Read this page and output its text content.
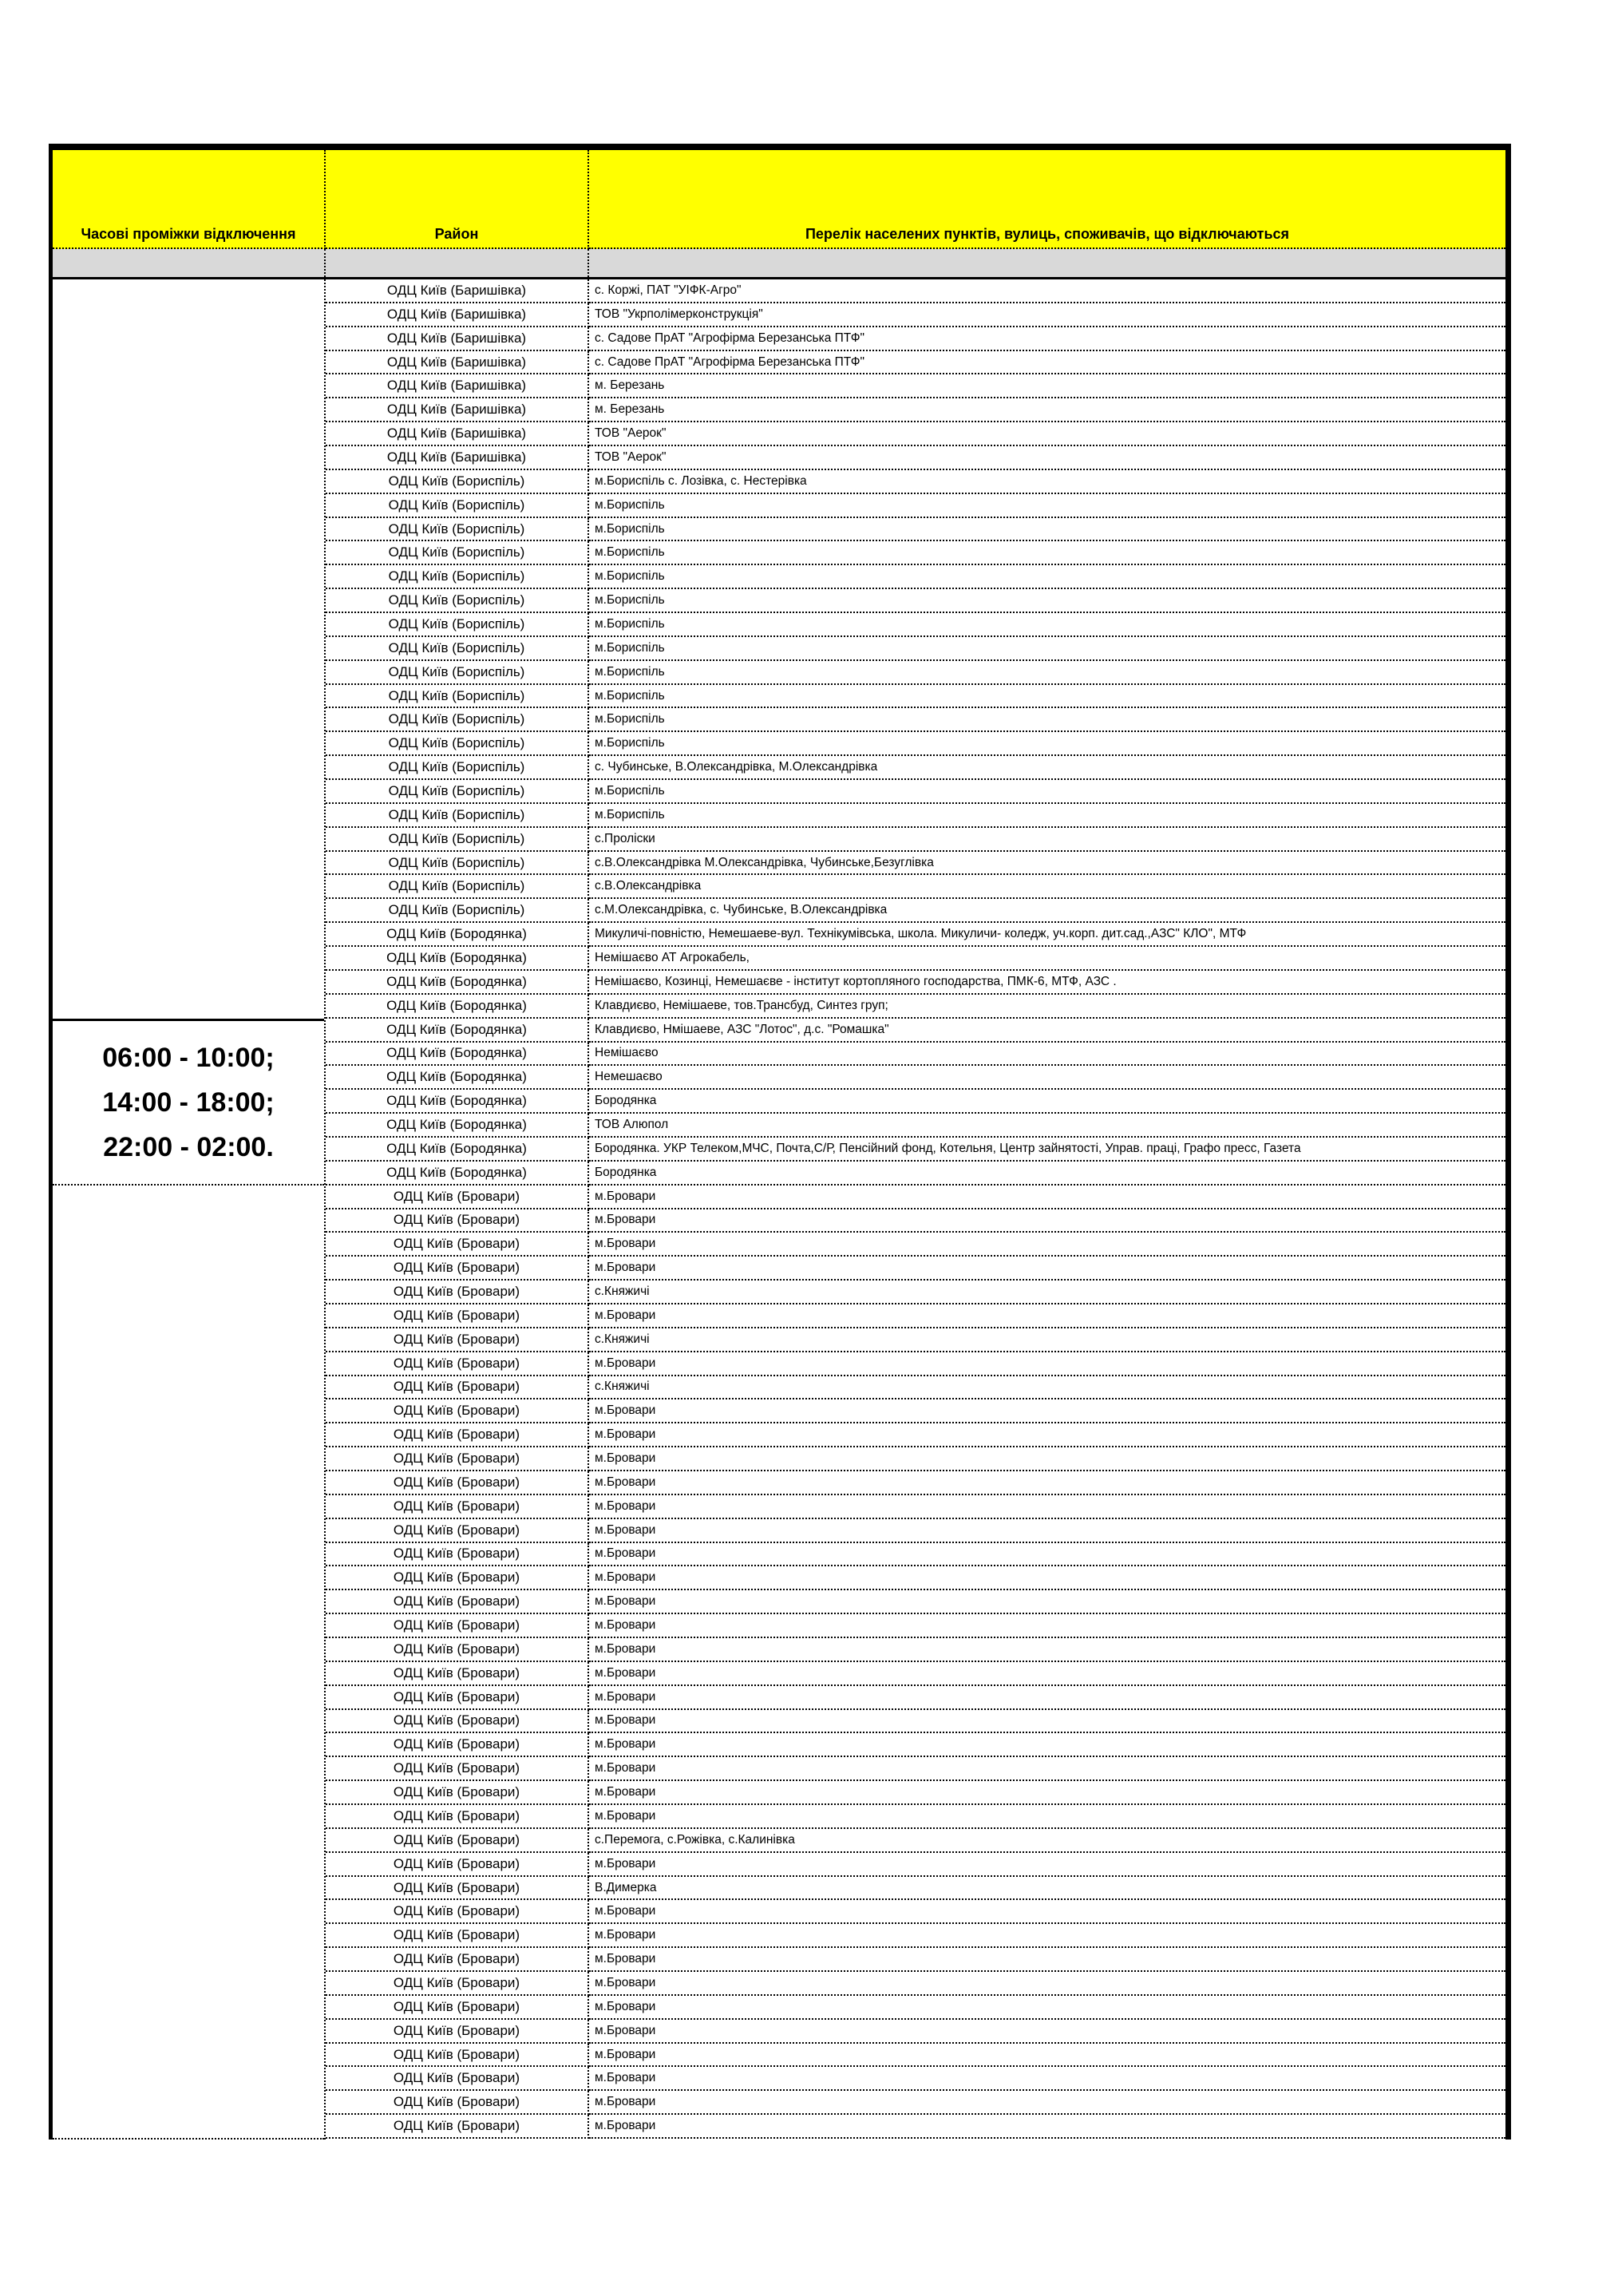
Часові проміжки відключення	Район	Перелік населених пунктів, вулиць, споживачів, що відключаються
06:00 - 10:00;
14:00 - 18:00;
22:00 - 02:00.
ОДЦ Київ (Баришівка)	с. Коржі, ПАТ "УІФК-Агро"
ОДЦ Київ (Баришівка)	ТОВ "Укрполімерконструкція"
ОДЦ Київ (Баришівка)	с. Садове ПрАТ "Агрофірма Березанська ПТФ"
ОДЦ Київ (Баришівка)	с. Садове ПрАТ "Агрофірма Березанська ПТФ"
ОДЦ Київ (Баришівка)	м. Березань
ОДЦ Київ (Баришівка)	м. Березань
ОДЦ Київ (Баришівка)	ТОВ "Аерок"
ОДЦ Київ (Баришівка)	ТОВ "Аерок"
ОДЦ Київ (Бориспіль)	м.Бориспіль с. Лозівка, с. Нестерівка
ОДЦ Київ (Бориспіль)	м.Бориспіль
ОДЦ Київ (Бориспіль)	м.Бориспіль
ОДЦ Київ (Бориспіль)	м.Бориспіль
ОДЦ Київ (Бориспіль)	м.Бориспіль
ОДЦ Київ (Бориспіль)	м.Бориспіль
ОДЦ Київ (Бориспіль)	м.Бориспіль
ОДЦ Київ (Бориспіль)	м.Бориспіль
ОДЦ Київ (Бориспіль)	м.Бориспіль
ОДЦ Київ (Бориспіль)	м.Бориспіль
ОДЦ Київ (Бориспіль)	м.Бориспіль
ОДЦ Київ (Бориспіль)	м.Бориспіль
ОДЦ Київ (Бориспіль)	с. Чубинське, В.Олександрівка, М.Олександрівка
ОДЦ Київ (Бориспіль)	м.Бориспіль
ОДЦ Київ (Бориспіль)	м.Бориспіль
ОДЦ Київ (Бориспіль)	с.Проліски
ОДЦ Київ (Бориспіль)	с.В.Олександрівка М.Олександрівка, Чубинське,Безуглівка
ОДЦ Київ (Бориспіль)	с.В.Олександрівка
ОДЦ Київ (Бориспіль)	с.М.Олександрівка, с. Чубинське, В.Олександрівка
ОДЦ Київ (Бородянка)	Микуличі-повністю, Немешаеве-вул. Технікумівська, школа. Микуличи- коледж, уч.корп. дит.сад.,АЗС" КЛО", МТФ
ОДЦ Київ (Бородянка)	Немішаєво АТ Агрокабель,
ОДЦ Київ (Бородянка)	Немішаєво, Козинці, Немешаєве - інститут кортопляного господарства, ПМК-6, МТФ, АЗС .
ОДЦ Київ (Бородянка)	Клавдиєво, Немішаеве, тов.Трансбуд, Синтез груп;
ОДЦ Київ (Бородянка)	Клавдиєво, Нмішаеве, АЗС "Лотос", д.с. "Ромашка"
ОДЦ Київ (Бородянка)	Немішаєво
ОДЦ Київ (Бородянка)	Немешаєво
ОДЦ Київ (Бородянка)	Бородянка
ОДЦ Київ (Бородянка)	ТОВ Алюпол
ОДЦ Київ (Бородянка)	Бородянка. УКР Телеком,МЧС, Почта,С/Р, Пенсійний фонд, Котельня, Центр зайнятості, Управ. праці, Графо пресс, Газета
ОДЦ Київ (Бородянка)	Бородянка
ОДЦ Київ (Бровари)	м.Бровари
ОДЦ Київ (Бровари)	м.Бровари
ОДЦ Київ (Бровари)	м.Бровари
ОДЦ Київ (Бровари)	м.Бровари
ОДЦ Київ (Бровари)	с.Княжичі
ОДЦ Київ (Бровари)	м.Бровари
ОДЦ Київ (Бровари)	с.Княжичі
ОДЦ Київ (Бровари)	м.Бровари
ОДЦ Київ (Бровари)	с.Княжичі
ОДЦ Київ (Бровари)	м.Бровари
ОДЦ Київ (Бровари)	м.Бровари
ОДЦ Київ (Бровари)	м.Бровари
ОДЦ Київ (Бровари)	м.Бровари
ОДЦ Київ (Бровари)	м.Бровари
ОДЦ Київ (Бровари)	м.Бровари
ОДЦ Київ (Бровари)	м.Бровари
ОДЦ Київ (Бровари)	м.Бровари
ОДЦ Київ (Бровари)	м.Бровари
ОДЦ Київ (Бровари)	м.Бровари
ОДЦ Київ (Бровари)	м.Бровари
ОДЦ Київ (Бровари)	м.Бровари
ОДЦ Київ (Бровари)	м.Бровари
ОДЦ Київ (Бровари)	м.Бровари
ОДЦ Київ (Бровари)	м.Бровари
ОДЦ Київ (Бровари)	м.Бровари
ОДЦ Київ (Бровари)	м.Бровари
ОДЦ Київ (Бровари)	м.Бровари
ОДЦ Київ (Бровари)	с.Перемога, с.Рожівка, с.Калинівка
ОДЦ Київ (Бровари)	м.Бровари
ОДЦ Київ (Бровари)	В.Димерка
ОДЦ Київ (Бровари)	м.Бровари
ОДЦ Київ (Бровари)	м.Бровари
ОДЦ Київ (Бровари)	м.Бровари
ОДЦ Київ (Бровари)	м.Бровари
ОДЦ Київ (Бровари)	м.Бровари
ОДЦ Київ (Бровари)	м.Бровари
ОДЦ Київ (Бровари)	м.Бровари
ОДЦ Київ (Бровари)	м.Бровари
ОДЦ Київ (Бровари)	м.Бровари
ОДЦ Київ (Бровари)	м.Бровари
